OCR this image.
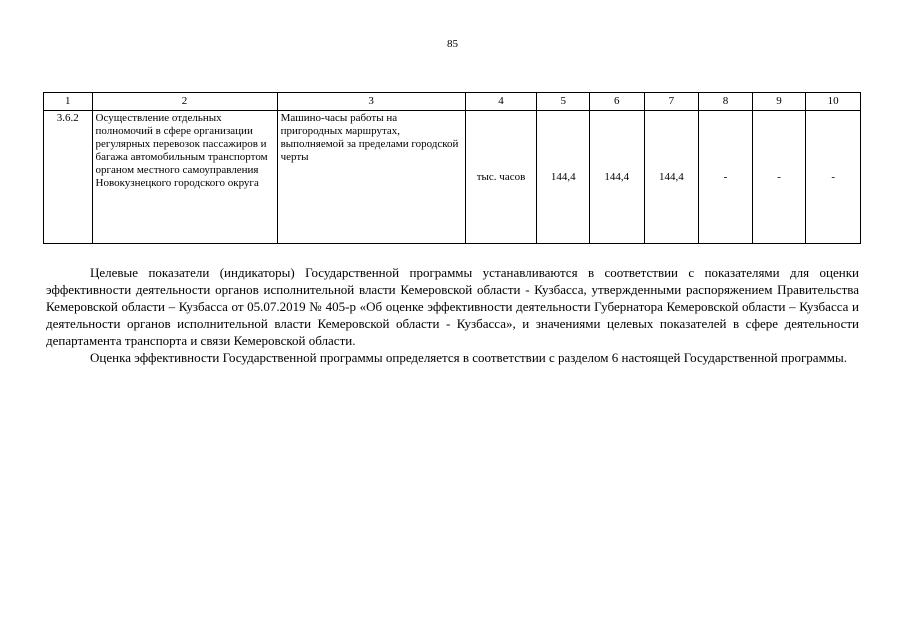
85
1	2	3	4	5	6	7	8	9	10
3.6.2	Осуществление отдельных полномочий в сфере организации регулярных перевозок пассажиров и багажа автомобильным транспортом органом местного самоуправления Новокузнецкого городского округа	Машино-часы работы на пригородных маршрутах, выполняемой за пределами городской черты	тыс. часов	144,4	144,4	144,4	-	-	-

Целевые показатели (индикаторы) Государственной программы устанавливаются в соответствии с показателями для оценки эффективности деятельности органов исполнительной власти Кемеровской области - Кузбасса, утвержденными распоряжением Правительства Кемеровской области – Кузбасса от 05.07.2019 № 405-р «Об оценке эффективности деятельности Губернатора Кемеровской области – Кузбасса и деятельности органов исполнительной власти Кемеровской области - Кузбасса», и значениями целевых показателей в сфере деятельности департамента транспорта и связи Кемеровской области.

Оценка эффективности Государственной программы определяется в соответствии с разделом 6 настоящей Государственной программы.
